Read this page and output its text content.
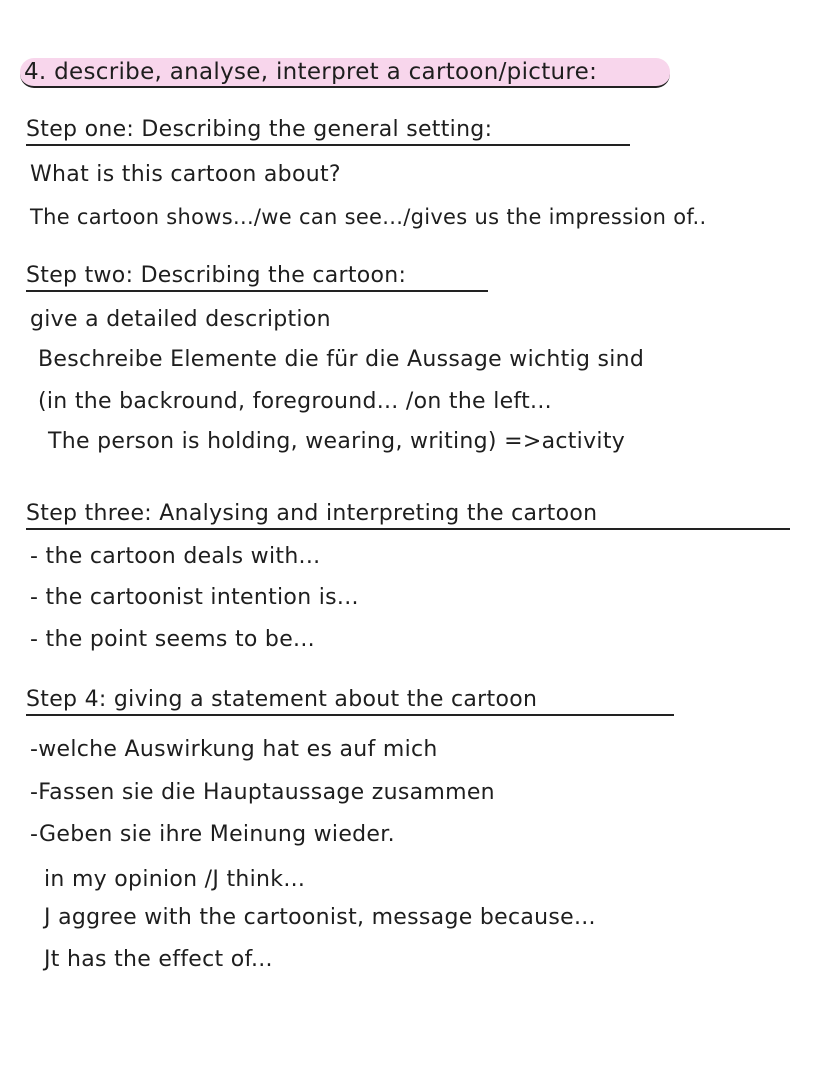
4. describe, analyse, interpret a cartoon/picture:
Step one: Describing the general setting:
What is this cartoon about?
The cartoon shows.../we can see.../gives us the impression of..
Step two: Describing the cartoon:
give a detailed description
Beschreibe Elemente die für die Aussage wichtig sind
(in the backround, foreground... /on the left...
The person is holding, wearing, writing) =>activity
Step three: Analysing and interpreting the cartoon
- the cartoon deals with...
- the cartoonist intention is...
- the point seems to be...
Step 4: giving a statement about the cartoon
-welche Auswirkung hat es auf mich
-Fassen sie die Hauptaussage zusammen
-Geben sie ihre Meinung wieder.
in my opinion /J think...
J aggree with the cartoonist, message because...
Jt has the effect of...
